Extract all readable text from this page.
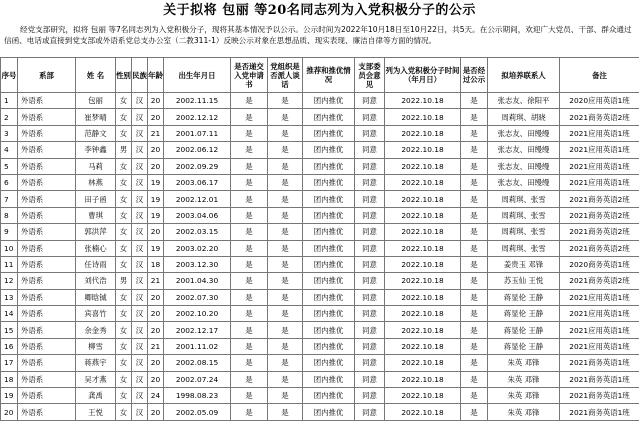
关于拟将 包丽 等20名同志列为入党积极分子的公示
经党支部研究，拟将 包丽 等7名同志列为入党积极分子，现将其基本情况予以公示。公示时间为2022年10月18日至10月22日，共5天。在公示期间，欢迎广大党员、干部、群众通过信函、电话或直接到党支部或外语系党总支办公室（二教311-1）反映公示对象在思想品质、现实表现、廉洁自律等方面的情况。
序号	系部	姓 名	性别	民族	年龄	出生年月日	是否递交入党申请书	党组织是否派人谈话	推荐和推优情况	支部委员会意见	列为入党积极分子时间（年月日）	是否经过公示	拟培养联系人	备注
1	外语系	包丽	女	汉	20	2002.11.15	是	是	团内推优	同意	2022.10.18	是	张志友、徐阳平	2020应用英语1班
2	外语系	崔梦晴	女	汉	20	2002.12.12	是	是	团内推优	同意	2022.10.18	是	周莉琪、胡晓	2021商务英语2班
3	外语系	范静文	女	汉	21	2001.07.11	是	是	团内推优	同意	2022.10.18	是	张志友、田缦缦	2021应用英语1班
4	外语系	李钟鑫	男	汉	20	2002.06.12	是	是	团内推优	同意	2022.10.18	是	张志友、田缦缦	2021应用英语1班
5	外语系	马莉	女	汉	20	2002.09.29	是	是	团内推优	同意	2022.10.18	是	张志友、田缦缦	2021应用英语1班
6	外语系	林燕	女	汉	19	2003.06.17	是	是	团内推优	同意	2022.10.18	是	张志友、田缦缦	2021应用英语1班
7	外语系	田子函	女	汉	19	2002.12.01	是	是	团内推优	同意	2022.10.18	是	周莉琪、张雪	2021商务英语2班
8	外语系	曹琪	女	汉	19	2003.04.06	是	是	团内推优	同意	2022.10.18	是	周莉琪、张雪	2021商务英语2班
9	外语系	郭洪萍	女	汉	20	2002.03.15	是	是	团内推优	同意	2022.10.18	是	周莉琪、张雪	2021商务英语2班
10	外语系	张楠心	女	汉	19	2003.02.20	是	是	团内推优	同意	2022.10.18	是	周莉琪、张雪	2021商务英语2班
11	外语系	任诗雨	女	汉	18	2003.12.30	是	是	团内推优	同意	2022.10.18	是	姜贵玉 邓锋	2020商务英语1班
12	外语系	刘代浩	男	汉	21	2001.04.30	是	是	团内推优	同意	2022.10.18	是	苏玉仙 王悦	2021商务英语2班
13	外语系	卿晗铖	女	汉	20	2002.07.30	是	是	团内推优	同意	2022.10.18	是	蒋显伦 王静	2021应用英语1班
14	外语系	宾喜竹	女	汉	20	2002.10.20	是	是	团内推优	同意	2022.10.18	是	蒋显伦 王静	2021应用英语1班
15	外语系	余金秀	女	汉	20	2002.12.17	是	是	团内推优	同意	2022.10.18	是	蒋显伦 王静	2021应用英语1班
16	外语系	柳雪	女	汉	21	2001.11.02	是	是	团内推优	同意	2022.10.18	是	蒋显伦 王静	2021应用英语1班
17	外语系	蒋燕宇	女	汉	20	2002.08.15	是	是	团内推优	同意	2022.10.18	是	朱英 邓锋	2021商务英语1班
18	外语系	吴才燕	女	汉	20	2002.07.24	是	是	团内推优	同意	2022.10.18	是	朱英 邓锋	2021商务英语1班
19	外语系	龚禹	女	汉	24	1998.08.23	是	是	团内推优	同意	2022.10.18	是	朱英 邓锋	2021商务英语1班
20	外语系	王悦	女	汉	20	2002.05.09	是	是	团内推优	同意	2022.10.18	是	朱英 邓锋	2021商务英语1班
